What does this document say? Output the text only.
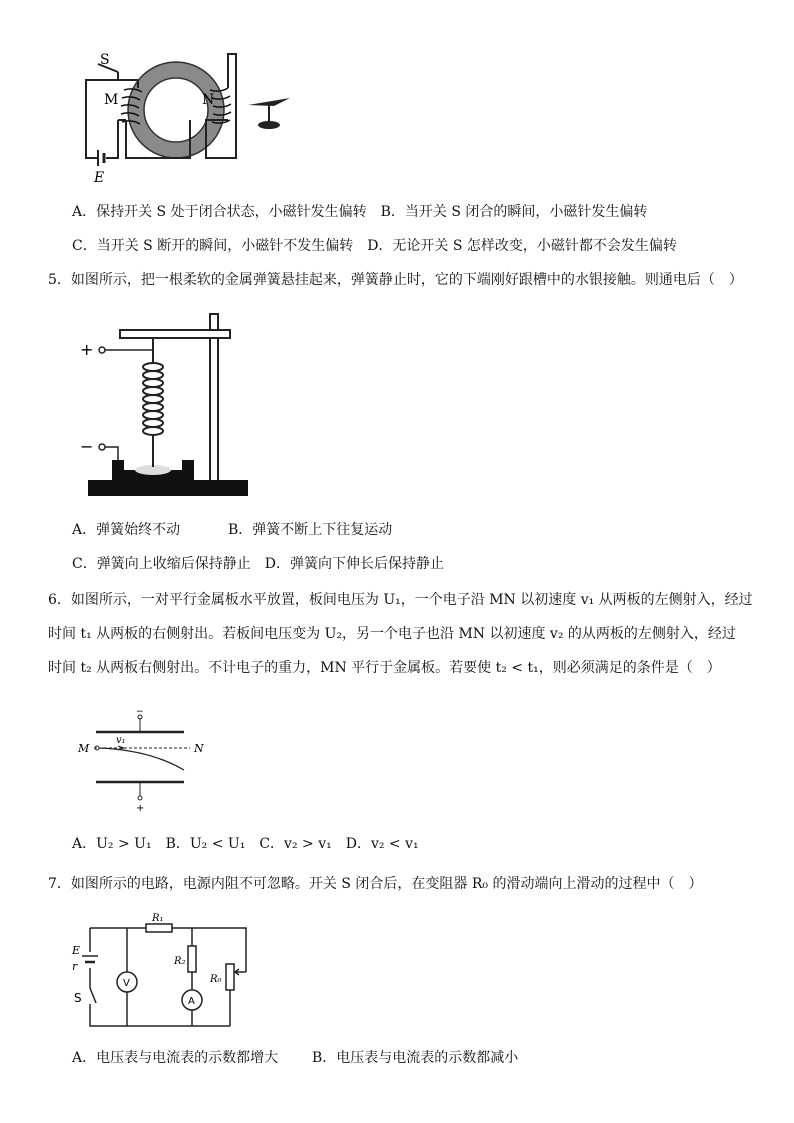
S
M	N
E
A．保持开关 S 处于闭合状态，小磁针发生偏转 B．当开关 S 闭合的瞬间，小磁针发生偏转
C．当开关 S 断开的瞬间，小磁针不发生偏转 D．无论开关 S 怎样改变，小磁针都不会发生偏转
5．如图所示，把一根柔软的金属弹簧悬挂起来，弹簧静止时，它的下端刚好跟槽中的水银接触。则通电后（　）
+
−
A．弹簧始终不动	B．弹簧不断上下往复运动
C．弹簧向上收缩后保持静止 D．弹簧向下伸长后保持静止
6．如图所示，一对平行金属板水平放置，板间电压为 U₁，一个电子沿 MN 以初速度 v₁ 从两板的左侧射入，经过
时间 t₁ 从两板的右侧射出。若板间电压变为 U₂，另一个电子也沿 MN 以初速度 v₂ 的从两板的左侧射入，经过
时间 t₂ 从两板右侧射出。不计电子的重力，MN 平行于金属板。若要使 t₂ < t₁，则必须满足的条件是（　）
M	N
v₁
−
+
A．U₂ > U₁ B．U₂ < U₁ C．v₂ > v₁ D．v₂ < v₁
7．如图所示的电路，电源内阻不可忽略。开关 S 闭合后，在变阻器 R₀ 的滑动端向上滑动的过程中（　）
E
r
S
V
A
R₁
R₂
R₀
A．电压表与电流表的示数都增大 B．电压表与电流表的示数都减小
